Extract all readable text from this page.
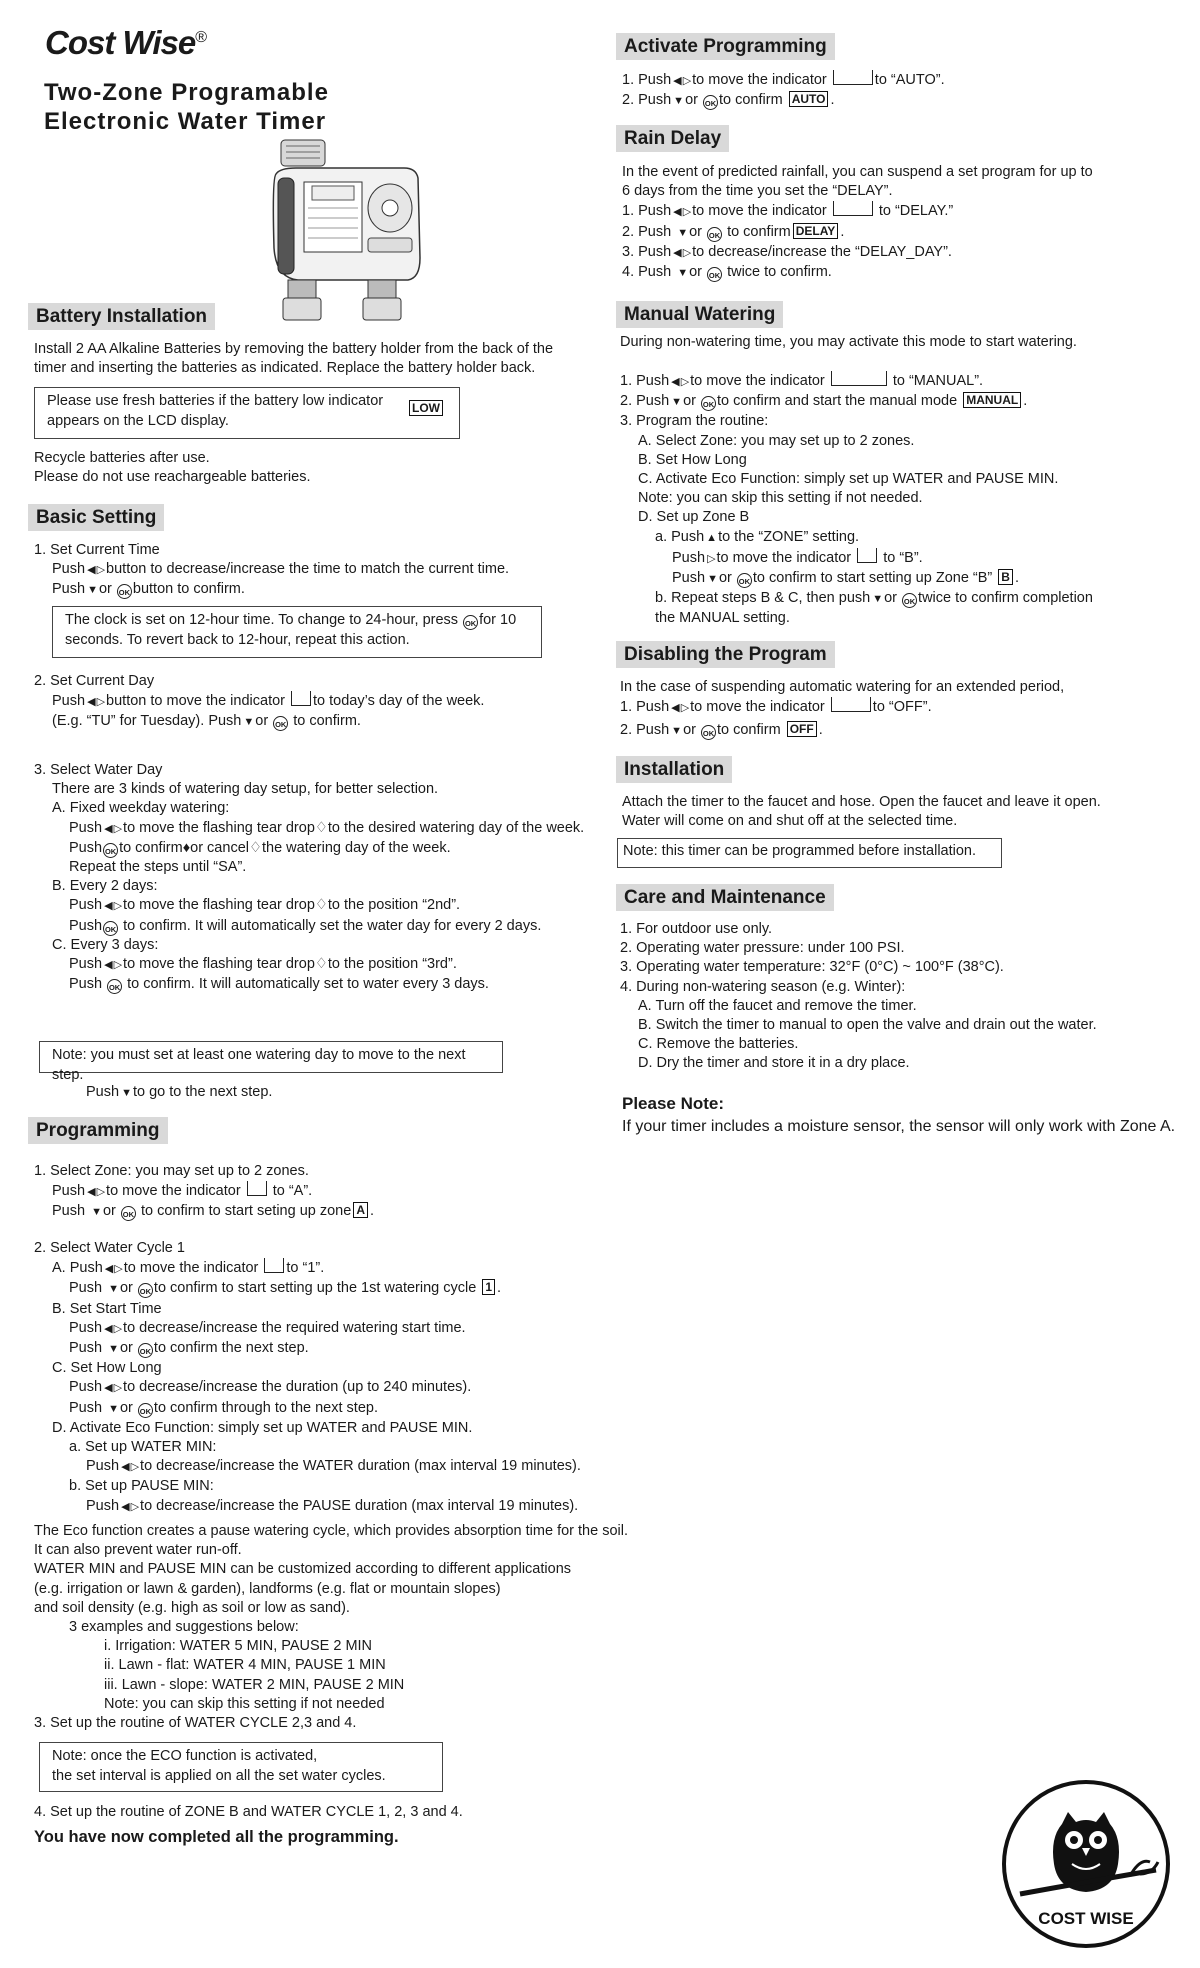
Cost Wise®
Two-Zone Programable
Electronic Water Timer
Battery Installation
Install 2 AA Alkaline Batteries by removing the battery holder from the back of the
timer and inserting the batteries as indicated. Replace the battery holder back.
Please use fresh batteries if the battery low indicator
appears on the LCD display.
LOW
Recycle batteries after use.
Please do not use reachargeable batteries.
Basic Setting
1. Set Current Time
Push ◀ ▷ button to decrease/increase the time to match the current time.
Push ▼ or OK button to confirm.
The clock is set on 12-hour time. To change to 24-hour, press OK for 10
seconds. To revert back to 12-hour, repeat this action.
2. Set Current Day
Push ◀ ▷ button to move the indicator to today’s day of the week.
(E.g. “TU” for Tuesday). Push ▼ or OK to confirm.
3. Select Water Day
There are 3 kinds of watering day setup, for better selection.
A. Fixed weekday watering:
Push ◀ ▷ to move the flashing tear drop♢to the desired watering day of the week.
Push OK to confirm♦or cancel♢the watering day of the week.
Repeat the steps until “SA”.
B. Every 2 days:
Push ◀ ▷ to move the flashing tear drop♢to the position “2nd”.
Push OK to confirm. It will automatically set the water day for every 2 days.
C. Every 3 days:
Push ◀ ▷ to move the flashing tear drop♢to the position “3rd”.
Push OK to confirm. It will automatically set to water every 3 days.
Note: you must set at least one watering day to move to the next step.
Push ▼ to go to the next step.
Programming
1. Select Zone: you may set up to 2 zones.
Push ◀ ▷ to move the indicator to “A”.
Push ▼ or OK to confirm to start seting up zone A .
2. Select Water Cycle 1
A. Push ◀ ▷ to move the indicator to “1”.
Push ▼ or OK to confirm to start setting up the 1st watering cycle 1 .
B. Set Start Time
Push ◀ ▷ to decrease/increase the required watering start time.
Push ▼ or OK to confirm the next step.
C. Set How Long
Push ◀ ▷ to decrease/increase the duration (up to 240 minutes).
Push ▼ or OK to confirm through to the next step.
D. Activate Eco Function: simply set up WATER and PAUSE MIN.
a. Set up WATER MIN:
Push ◀ ▷ to decrease/increase the WATER duration (max interval 19 minutes).
b. Set up PAUSE MIN:
Push ◀ ▷ to decrease/increase the PAUSE duration (max interval 19 minutes).
The Eco function creates a pause watering cycle, which provides absorption time for the soil.
It can also prevent water run-off.
WATER MIN and PAUSE MIN can be customized according to different applications
(e.g. irrigation or lawn & garden), landforms (e.g. flat or mountain slopes)
and soil density (e.g. high as soil or low as sand).
3 examples and suggestions below:
i. Irrigation: WATER 5 MIN, PAUSE 2 MIN
ii. Lawn - flat: WATER 4 MIN, PAUSE 1 MIN
iii. Lawn - slope: WATER 2 MIN, PAUSE 2 MIN
Note: you can skip this setting if not needed
3. Set up the routine of WATER CYCLE 2,3 and 4.
Note: once the ECO function is activated,
the set interval is applied on all the set water cycles.
4. Set up the routine of ZONE B and WATER CYCLE 1, 2, 3 and 4.
You have now completed all the programming.
Activate Programming
1. Push ◀ ▷ to move the indicator	to “AUTO”.
2. Push ▼ or OK to confirm AUTO .
Rain Delay
In the event of predicted rainfall, you can suspend a set program for up to
6 days from the time you set the “DELAY”.
1. Push ◀ ▷ to move the indicator	to “DELAY.”
2. Push ▼ or OK to confirm DELAY .
3. Push ◀ ▷ to decrease/increase the “DELAY_DAY”.
4. Push ▼ or OK twice to confirm.
Manual Watering
During non-watering time, you may activate this mode to start watering.
1. Push ◀ ▷ to move the indicator	to “MANUAL”.
2. Push ▼ or OK to confirm and start the manual mode MANUAL .
3. Program the routine:
A. Select Zone: you may set up to 2 zones.
B. Set How Long
C. Activate Eco Function: simply set up WATER and PAUSE MIN.
Note: you can skip this setting if not needed.
D. Set up Zone B
a. Push ▲ to the “ZONE” setting.
Push ▷ to move the indicator to “B”.
Push ▼ or OK to confirm to start setting up Zone “B” B .
b. Repeat steps B & C, then push ▼ or OK twice to confirm completion
the MANUAL setting.
Disabling the Program
In the case of suspending automatic watering for an extended period,
1. Push ◀ ▷ to move the indicator	to “OFF”.
2. Push ▼ or OK to confirm OFF .
Installation
Attach the timer to the faucet and hose. Open the faucet and leave it open.
Water will come on and shut off at the selected time.
Note: this timer can be programmed before installation.
Care and Maintenance
1. For outdoor use only.
2. Operating water pressure: under 100 PSI.
3. Operating water temperature: 32°F (0°C) ~ 100°F (38°C).
4. During non-watering season (e.g. Winter):
A. Turn off the faucet and remove the timer.
B. Switch the timer to manual to open the valve and drain out the water.
C. Remove the batteries.
D. Dry the timer and store it in a dry place.
Please Note:
If your timer includes a moisture sensor, the sensor will only work with Zone A.
COST WISE
